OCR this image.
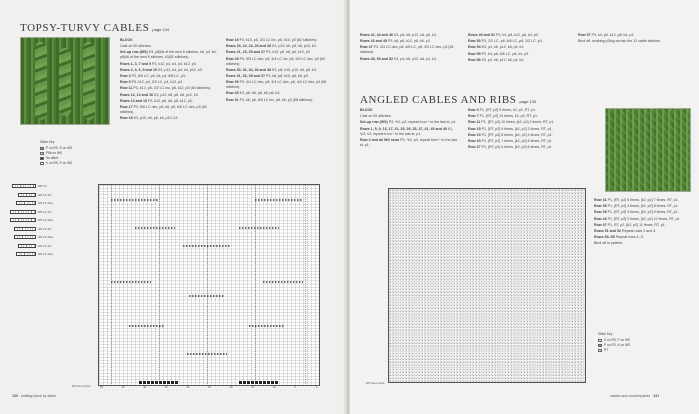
TOPSY-TURVY CABLES page 134

BLOCK

Cast on 50 stitches.

Set-up row (WS) K3, p8(k6 of the next 6 stitches, k6, p4, k6, p8(k6 of the next 6 stitches, k3(52 stitches).

Rows 1, 3, 7 and 9 P3, k12, p4, k4, p4, k12, p3.

Rows 2, 4, 6, 8 and 10 K3, p12, k4, p4, k4, p12, k3.

Row 3 P3, 6/6 LC, p4, k4, p4, 6/6 LC, p3.

Row 5 P3, k12, p4, 2/2 LC, p4, k12, p3.

Row 11 P3, k12, p8, 2/2 LC inc, p8, k12, p3 (64 stitches).

Rows 12, 14 and 16 K3, p12, k8, p8, k8, p12, k3.

Rows 13 and 15 P3, k12, p8, k8, p8, k12, p3.

Row 17 P3, 6/6 LC dec, p6, k6, p6, 6/6 LC dec, p3 (60 stitches).

Row 18 K3, p10, k6, p6, k6, p10, k3.

Row 19 P3, k10, p6, 3/3 LC inc, p6, k10, p3 (62 stitches).

Rows 20, 22, 24, 26 and 28 K3, p10, k6, p8, k6, p10, k3.

Rows 21, 23, 25 and 27 P3, k10, p6, k8, p6, k10, p3.

Row 29 P3, 5/5 LC dec, p6, 4/4 LC inc, p6, 5/5 LC dec, p3 (60 stitches).

Rows 30, 32, 34, 36 and 38 K3, p8, k10, p10, k8, p8, k3.

Rows 31, 33, 35 and 37 P3, k8, p8, k10, p8, k8, p3.

Row 39 P3, 4/4 LC dec, p8, 4/4 LC dec, p8, 4/4 LC dec, p3 (56 stitches).

Row 40 K3, p6, k8, p8, k8, p6, k3.

Row 41 P3, k6, p8, 5/5 LC inc, p8, k6, p3 (58 stitches).

Stitch Key
P on RS, K on WS
P8b on WS
No stitch
K on RS, P on WS
WS Set-up Row
130 knitting block by block
6/6 LC
2/2 LC Inc
3/3 LC Dec
5/5 LC Inc
5/5 LC Dec
4/4 LC Inc
4/4 LC Dec
2/2 LC Inc
3/3 LC Dec
50	45	40	35	30	25	20	15	10	5	1

Rows 42, 44 and 46 K3, p6, k8, p12, k8, p6, k3.

Rows 43 and 45 P3, k6, p8, k12, p8, k6, p3.

Row 47 P3, 3/3 LC dec, p8, 6/6 LC, p8, 3/3 LC dec, p3 (54 stitches).

Rows 48, 50 and 52 K3, p4, k8, p12, k8, p4, k3.

Rows 49 and 51 P3, k4, p8, k12, p8, k4, p3.

Row 53 P3, 2/2 LC, p8, 6/6 LC, p8, 2/2 LC, p3.

Row 54 K3, p4, k8, p12, k8, p4, k3.

Row 55 P3, k4, p8, 6/6 LC, p8, k4, p3.

Row 56 K3, p4, k8, p12, k8, p4, k3.

Row 57 P3, k4, p8, k12, p8, k4, p3.

Bind off, working p2tog across the 12 cable stitches.

ANGLED CABLES AND RIBS page 135

BLOCK

Cast on 52 stitches.

Set-up row (WS) P3, *k2, p2; repeat from * to the last st, p1.

Rows 1, 5, 9, 13, 17, 21, 25, 29, 33, 37, 41, 45 and 49 K1, *p2, k2; repeat from * to the last st, p1.

Row 2 and all WS rows P3, *k2, p2; repeat from * to the last st, p1.

Row 3 P1, [RT, p2] 5 times, k2, p2, RT, p1.

Row 7 P1, [RT, p2] 10 times, k2, p2, RT, p1.

Row 11 P1, [RT, p2] 10 times, [k2, p2] 2 times, RT, p1.

Row 15 P1, [RT, p2] 9 times, [k2, p2] 3 times, RT, p1.

Row 19 P1, [RT, p2] 8 times, [k2, p2] 4 times, RT, p1.

Row 23 P1, [RT, p2] 7 times, [k2, p2] 5 times, RT, p1.

Row 27 P1, [RT, p2] 6 times, [k2, p2] 6 times, RT, p1.

Row 31 P1, [RT, p2] 5 times, [k2, p2] 7 times, RT, p1.

Row 35 P1, [RT, p2] 4 times, [k2, p2] 8 times, RT, p1.

Row 39 P1, [RT, p2] 3 times, [k2, p2] 9 times, RT, p1.

Row 43 P1, [RT, p2] 2 times, [k2, p2] 10 times, RT, p1.

Row 47 P1, RT, p2, [k2, p2] 11 times, RT, p1.

Rows 51 and 52 Repeat rows 3 and 4.

Rows 53–55 Repeat rows 1–3.

Bind off in pattern.

WS Set-up Row
Stitch Key
K on RS, P on WS
P on RS, K on WS
RT
cables and counterpanes 131
